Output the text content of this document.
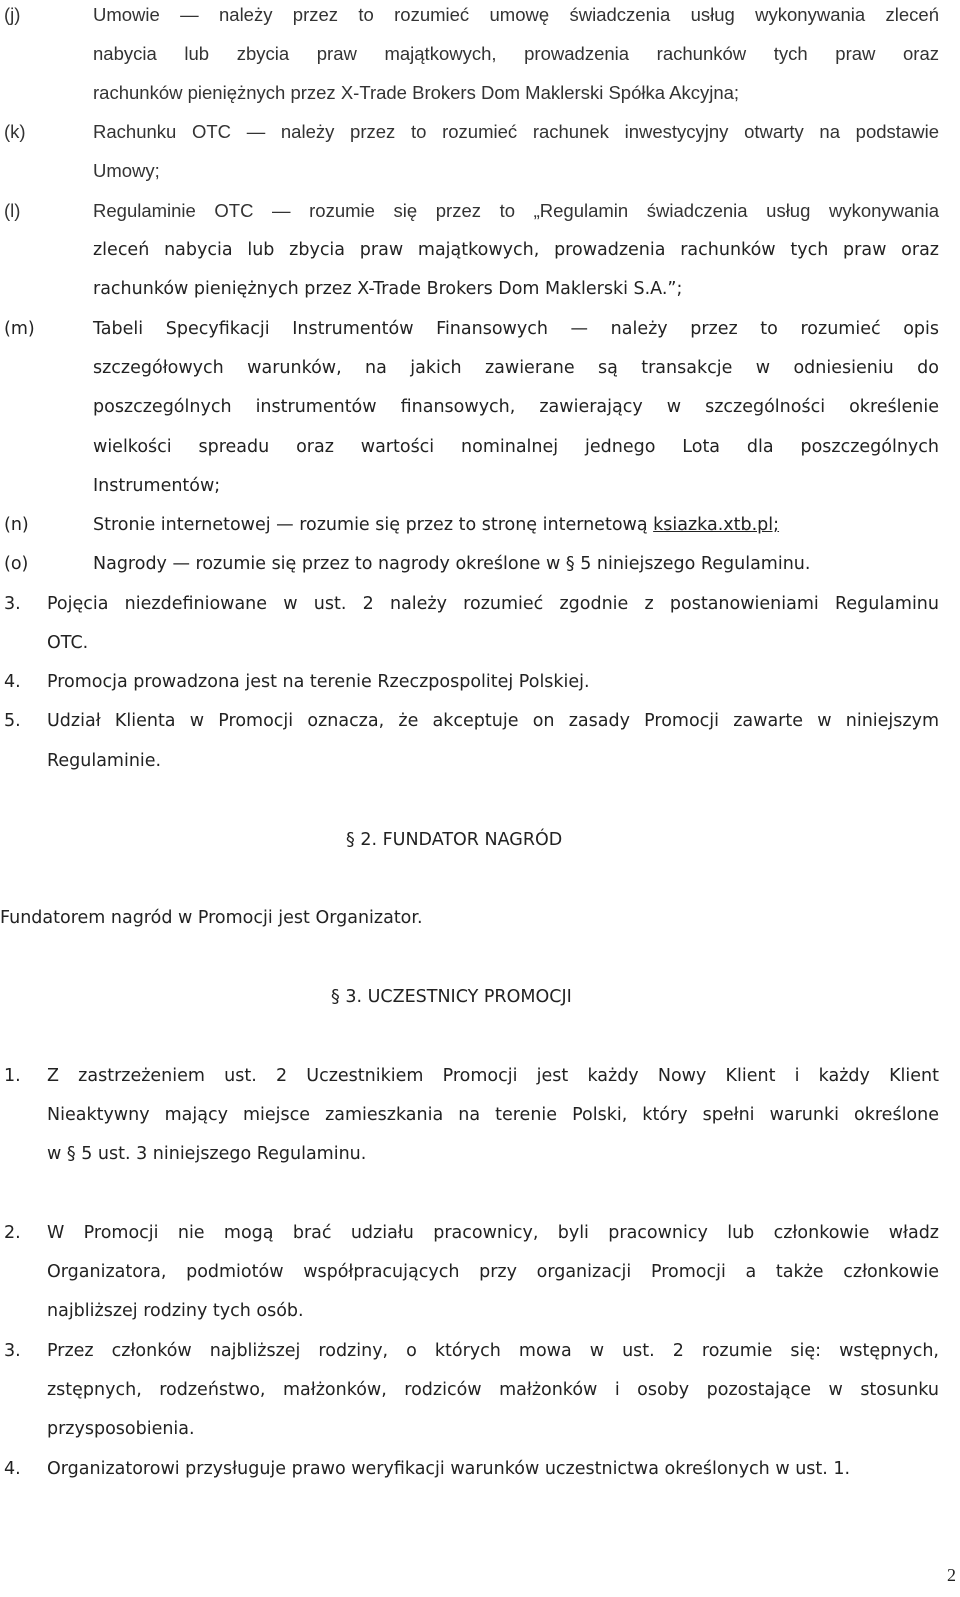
(j)	Umowie — należy przez to rozumieć umowę świadczenia usług wykonywania zleceń
nabycia lub zbycia praw majątkowych, prowadzenia rachunków tych praw oraz
rachunków pieniężnych przez X-Trade Brokers Dom Maklerski Spółka Akcyjna;
(k)	Rachunku OTC — należy przez to rozumieć rachunek inwestycyjny otwarty na podstawie
Umowy;
(l)	Regulaminie OTC — rozumie się przez to „Regulamin świadczenia usług wykonywania
zleceń nabycia lub zbycia praw majątkowych, prowadzenia rachunków tych praw oraz
rachunków pieniężnych przez X-Trade Brokers Dom Maklerski S.A.”;
(m)	Tabeli Specyfikacji Instrumentów Finansowych — należy przez to rozumieć opis
szczegółowych warunków, na jakich zawierane są transakcje w odniesieniu do
poszczególnych instrumentów finansowych, zawierający w szczególności określenie
wielkości spreadu oraz wartości nominalnej jednego Lota dla poszczególnych
Instrumentów;
(n)	Stronie internetowej — rozumie się przez to stronę internetową ksiazka.xtb.pl;
(o)	Nagrody — rozumie się przez to nagrody określone w § 5 niniejszego Regulaminu.
3. Pojęcia niezdefiniowane w ust. 2 należy rozumieć zgodnie z postanowieniami Regulaminu
OTC.
4. Promocja prowadzona jest na terenie Rzeczpospolitej Polskiej.
5. Udział Klienta w Promocji oznacza, że akceptuje on zasady Promocji zawarte w niniejszym
Regulaminie.
§ 2. FUNDATOR NAGRÓD
Fundatorem nagród w Promocji jest Organizator.
§ 3. UCZESTNICY PROMOCJI
1. Z zastrzeżeniem ust. 2 Uczestnikiem Promocji jest każdy Nowy Klient i każdy Klient
Nieaktywny mający miejsce zamieszkania na terenie Polski, który spełni warunki określone
w § 5 ust. 3 niniejszego Regulaminu.
2. W Promocji nie mogą brać udziału pracownicy, byli pracownicy lub członkowie władz
Organizatora, podmiotów współpracujących przy organizacji Promocji a także członkowie
najbliższej rodziny tych osób.
3. Przez członków najbliższej rodziny, o których mowa w ust. 2 rozumie się: wstępnych,
zstępnych, rodzeństwo, małżonków, rodziców małżonków i osoby pozostające w stosunku
przysposobienia.
4. Organizatorowi przysługuje prawo weryfikacji warunków uczestnictwa określonych w ust. 1.
2
